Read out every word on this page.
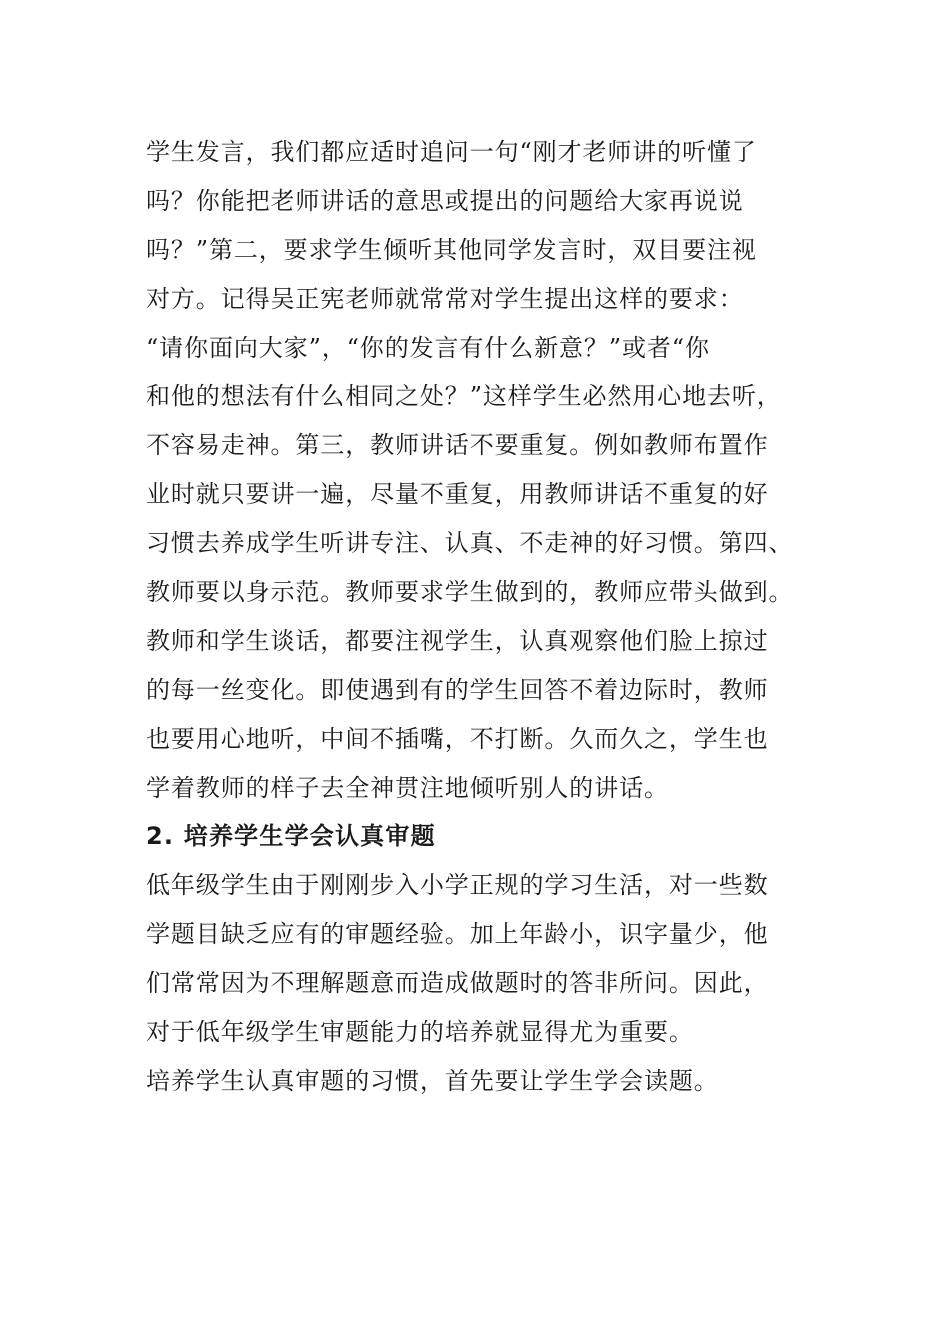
学生发言，我们都应适时追问一句“刚才老师讲的听懂了
吗？你能把老师讲话的意思或提出的问题给大家再说说
吗？”第二，要求学生倾听其他同学发言时，双目要注视
对方。记得吴正宪老师就常常对学生提出这样的要求：
“请你面向大家”，“你的发言有什么新意？”或者“你
和他的想法有什么相同之处？”这样学生必然用心地去听，
不容易走神。第三，教师讲话不要重复。例如教师布置作
业时就只要讲一遍，尽量不重复，用教师讲话不重复的好
习惯去养成学生听讲专注、认真、不走神的好习惯。第四、
教师要以身示范。教师要求学生做到的，教师应带头做到。
教师和学生谈话，都要注视学生，认真观察他们脸上掠过
的每一丝变化。即使遇到有的学生回答不着边际时，教师
也要用心地听，中间不插嘴，不打断。久而久之，学生也
学着教师的样子去全神贯注地倾听别人的讲话。
2. 培养学生学会认真审题
低年级学生由于刚刚步入小学正规的学习生活，对一些数
学题目缺乏应有的审题经验。加上年龄小，识字量少，他
们常常因为不理解题意而造成做题时的答非所问。因此，
对于低年级学生审题能力的培养就显得尤为重要。
培养学生认真审题的习惯，首先要让学生学会读题。
